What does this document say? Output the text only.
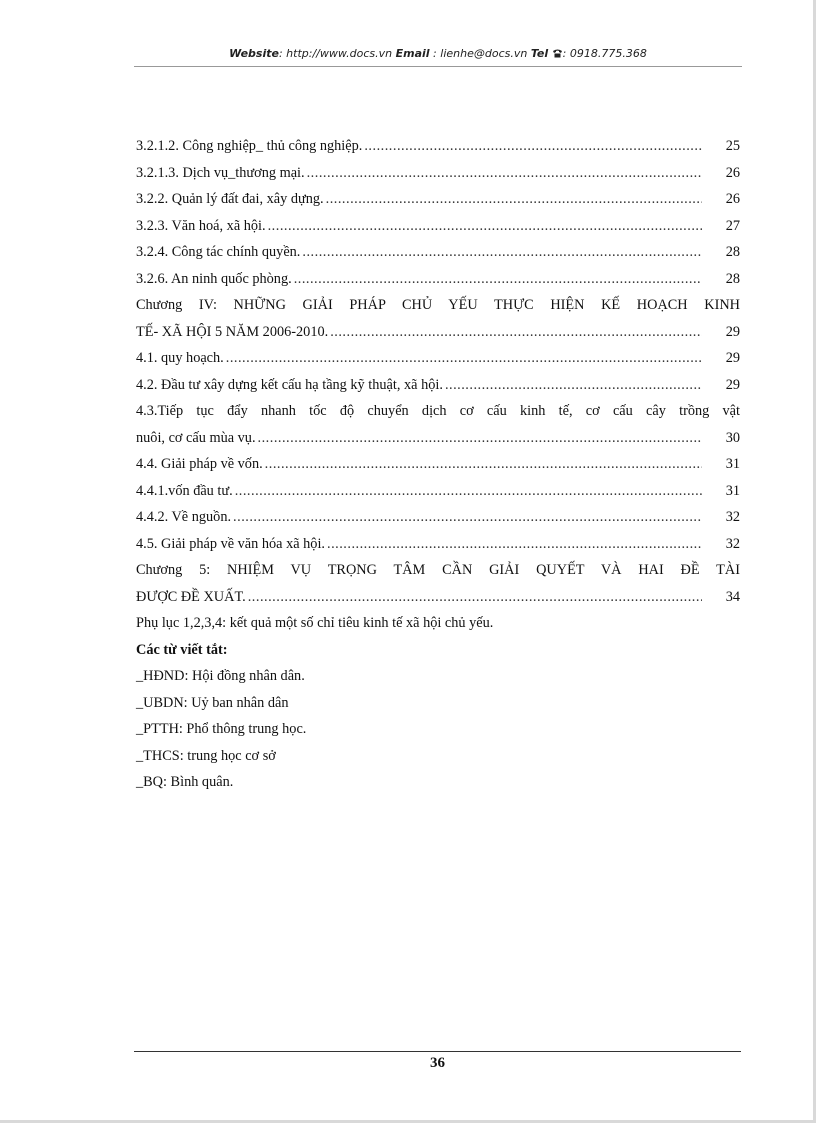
Website: http://www.docs.vn Email : lienhe@docs.vn Tel : 0918.775.368
3.2.1.2. Công nghiệp_ thủ công nghiệp. .....	25
3.2.1.3. Dịch vụ_thương mại. .....	26
3.2.2. Quản lý đất đai, xây dựng. .....	26
3.2.3. Văn hoá, xã hội. .....	27
3.2.4. Công tác chính quyền. .....	28
3.2.6. An ninh quốc phòng. .....	28
Chương IV: NHỮNG GIẢI PHÁP CHỦ YẾU THỰC HIỆN KẾ HOẠCH KINH
TẾ- XÃ HỘI 5 NĂM 2006-2010. .....	29
4.1. quy hoạch. .....	29
4.2. Đầu tư xây dựng kết cấu hạ tầng kỹ thuật, xã hội. .....	29
4.3.Tiếp tục đẩy nhanh tốc độ chuyển dịch cơ cấu kinh tế, cơ cấu cây trồng vật
nuôi, cơ cấu mùa vụ. .....	30
4.4. Giải pháp về vốn. .....	31
4.4.1.vốn đầu tư. .....	31
4.4.2. Về nguồn. .....	32
4.5. Giải pháp về văn hóa xã hội. .....	32
Chương 5: NHIỆM VỤ TRỌNG TÂM CẦN GIẢI QUYẾT VÀ HAI ĐỀ TÀI
ĐƯỢC ĐỀ XUẤT. .....	34
Phụ lục 1,2,3,4: kết quả một số chỉ tiêu kinh tế xã hội chủ yếu.
Các từ viết tắt:
_HĐND: Hội đồng nhân dân.
_UBDN: Uỷ ban nhân dân
_PTTH: Phổ thông trung học.
_THCS: trung học cơ sở
_BQ: Bình quân.
36
